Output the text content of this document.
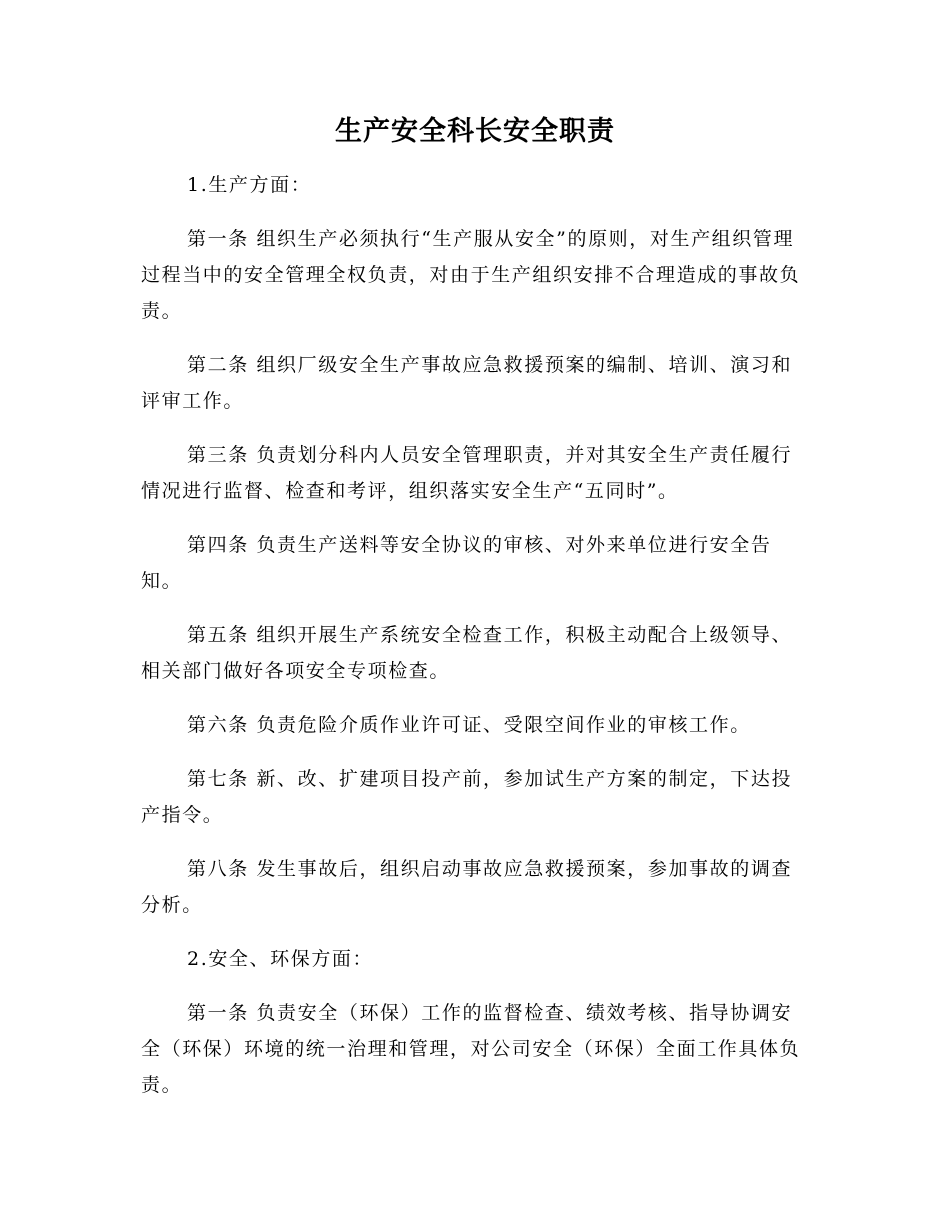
生产安全科长安全职责

1.生产方面：

第一条 组织生产必须执行“生产服从安全”的原则，对生产组织管理过程当中的安全管理全权负责，对由于生产组织安排不合理造成的事故负责。

第二条 组织厂级安全生产事故应急救援预案的编制、培训、演习和评审工作。

第三条 负责划分科内人员安全管理职责，并对其安全生产责任履行情况进行监督、检查和考评，组织落实安全生产“五同时”。

第四条 负责生产送料等安全协议的审核、对外来单位进行安全告知。

第五条 组织开展生产系统安全检查工作，积极主动配合上级领导、相关部门做好各项安全专项检查。

第六条 负责危险介质作业许可证、受限空间作业的审核工作。

第七条 新、改、扩建项目投产前，参加试生产方案的制定，下达投产指令。

第八条 发生事故后，组织启动事故应急救援预案，参加事故的调查分析。

2.安全、环保方面：

第一条 负责安全（环保）工作的监督检查、绩效考核、指导协调安全（环保）环境的统一治理和管理，对公司安全（环保）全面工作具体负责。
